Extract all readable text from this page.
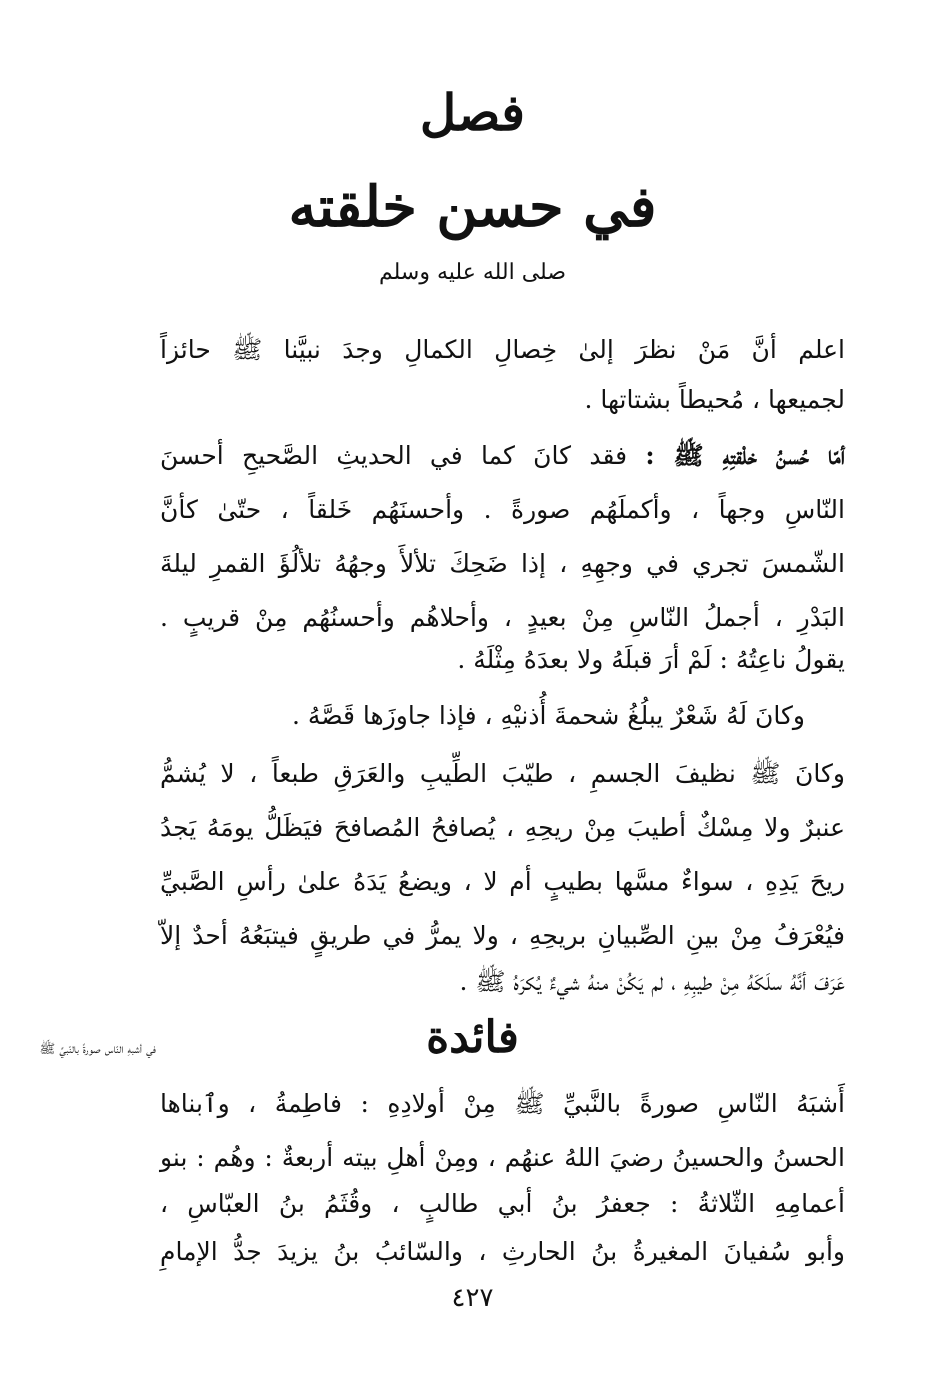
فصل
في حسن خلقته
صلى الله عليه وسلم
اعلم أنَّ مَنْ نظرَ إلىٰ خِصالِ الكمالِ وجدَ نبيَّنا ﷺ حائزاً
لجميعها ، مُحيطاً بشتاتها .
أمّا حُسنُ خلْقتِهِ ﷺ : فقد كانَ كما في الحديثِ الصَّحيحِ أحسنَ
النّاسِ وجهاً ، وأكملَهُم صورةً . وأحسنَهُم خَلقاً ، حتّىٰ كأنَّ
الشّمسَ تجري في وجهِهِ ، إذا ضَحِكَ تلألأَ وجهُهُ تلألُؤَ القمرِ ليلةَ
البَدْرِ ، أجملُ النّاسِ مِنْ بعيدٍ ، وأحلاهُم وأحسنُهُم مِنْ قريبٍ .
يقولُ ناعِتُهُ : لَمْ أرَ قبلَهُ ولا بعدَهُ مِثْلَهُ .
وكانَ لَهُ شَعْرٌ يبلُغُ شحمةَ أُذنيْهِ ، فإذا جاوزَها قَصَّهُ .
وكانَ ﷺ نظيفَ الجسمِ ، طيّبَ الطِّيبِ والعَرَقِ طبعاً ، لا يُشمُّ
عنبرٌ ولا مِسْكٌ أطيبَ مِنْ ريحِهِ ، يُصافحُ المُصافحَ فيَظَلُّ يومَهُ يَجدُ
ريحَ يَدِهِ ، سواءٌ مسَّها بطيبٍ أم لا ، ويضعُ يَدَهُ علىٰ رأسِ الصَّبيِّ
فيُعْرَفُ مِنْ بينِ الصِّبيانِ بريحِهِ ، ولا يمرُّ في طريقٍ فيتبَعُهُ أحدٌ إلاّ
عَرَفَ أنَّهُ سلَكَهُ مِنْ طيبِهِ ، لم يَكُنْ منهُ شيءٌ يُكرَهُ ﷺ .
فائدة
في أشبهِ النّاس صورةً بالنّبيِّ ﷺ
أَشبَهُ النّاسِ صورةً بالنَّبيِّ ﷺ مِنْ أولادِهِ : فاطِمةُ ، وٱبناها
الحسنُ والحسينُ رضيَ اللهُ عنهُم ، ومِنْ أهلِ بيته أربعةٌ : وهُم : بنو
أعمامِهِ الثّلاثةُ : جعفرُ بنُ أبي طالبٍ ، وقُثَمُ بنُ العبّاسِ ،
وأبو سُفيانَ المغيرةُ بنُ الحارثِ ، والسّائبُ بنُ يزيدَ جدُّ الإمامِ
٤٢٧
